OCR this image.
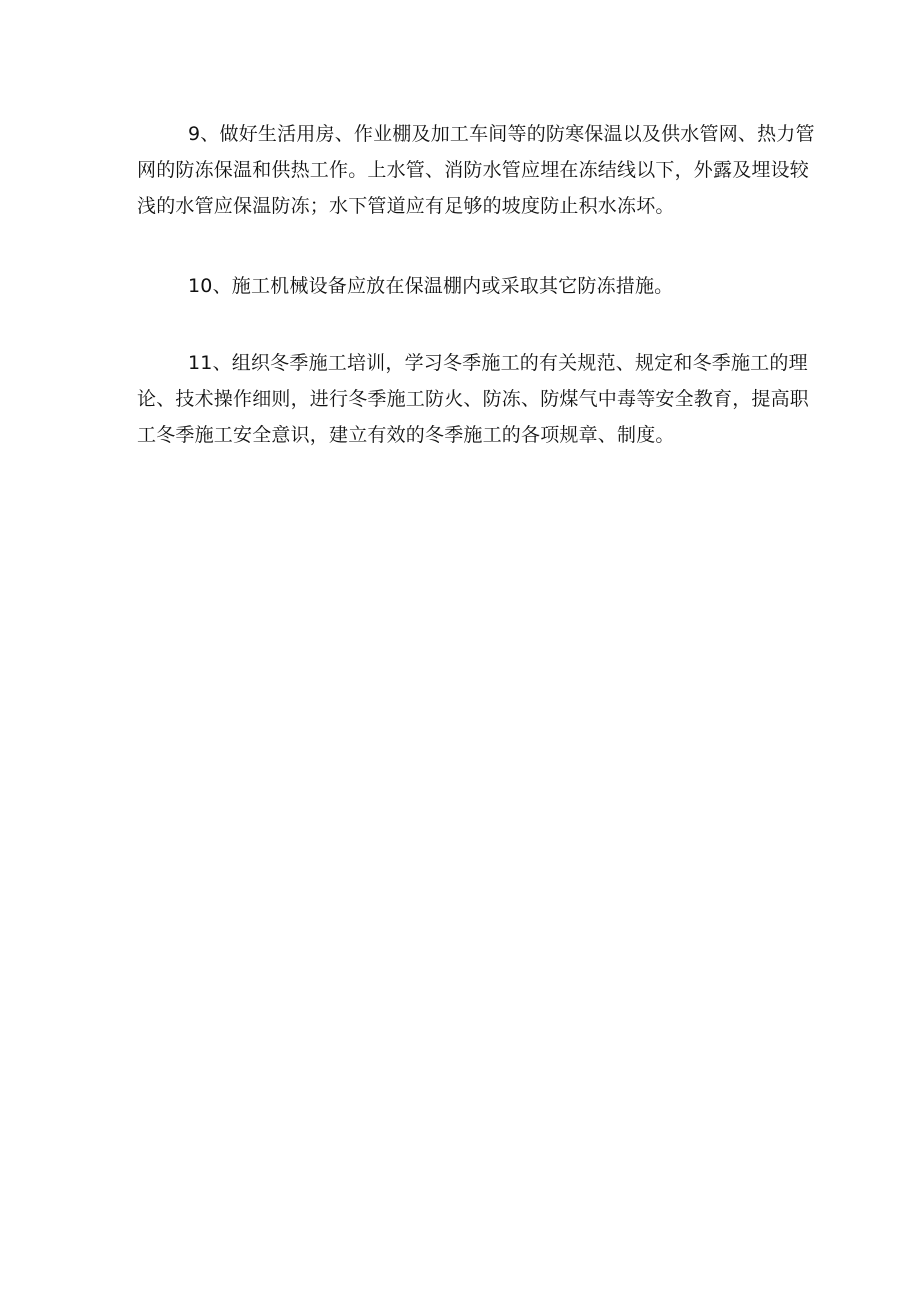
9、做好生活用房、作业棚及加工车间等的防寒保温以及供水管网、热力管
网的防冻保温和供热工作。上水管、消防水管应埋在冻结线以下，外露及埋设较
浅的水管应保温防冻；水下管道应有足够的坡度防止积水冻坏。

10、施工机械设备应放在保温棚内或采取其它防冻措施。

11、组织冬季施工培训，学习冬季施工的有关规范、规定和冬季施工的理
论、技术操作细则，进行冬季施工防火、防冻、防煤气中毒等安全教育，提高职
工冬季施工安全意识，建立有效的冬季施工的各项规章、制度。
